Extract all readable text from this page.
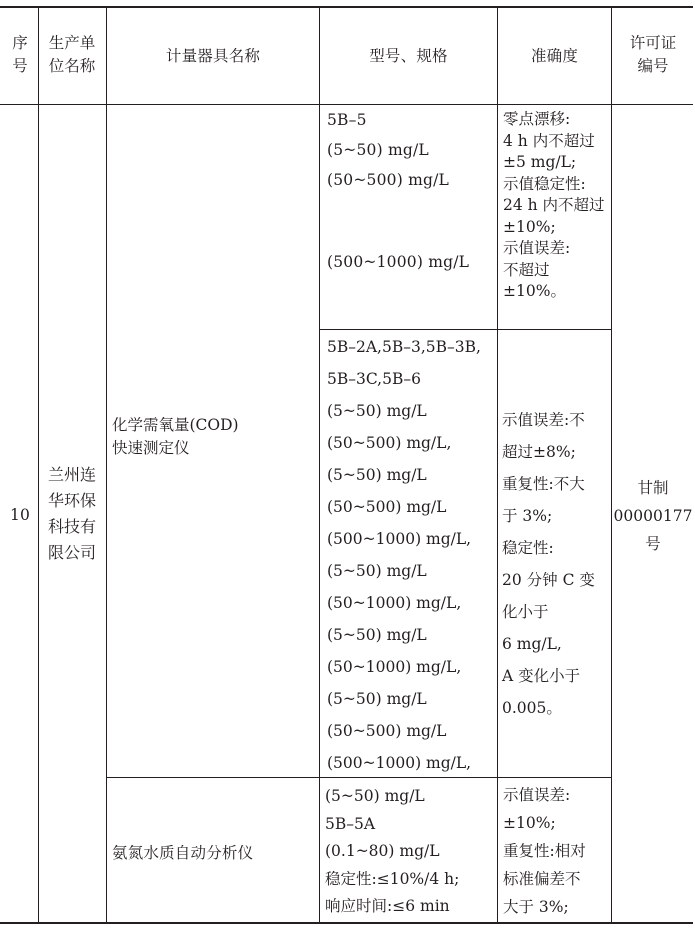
序
号
生产单
位名称
计量器具名称	型号、规格	准确度
许可证
编号
10
兰州连
华环保
科技有
限公司
甘制
00000177
号
化学需氧量(COD)
快速测定仪
5B–5
(5~50) mg/L
(50~500) mg/L
(500~1000) mg/L
零点漂移:
4 h 内不超过
±5 mg/L;
示值稳定性:
24 h 内不超过
±10%;
示值误差:
不超过
±10%。
5B–2A,5B–3,5B–3B,
5B–3C,5B–6
(5~50) mg/L
(50~500) mg/L,
(5~50) mg/L
(50~500) mg/L
(500~1000) mg/L,
(5~50) mg/L
(50~1000) mg/L,
(5~50) mg/L
(50~1000) mg/L,
(5~50) mg/L
(50~500) mg/L
(500~1000) mg/L,
示值误差:不
超过±8%;
重复性:不大
于 3%;
稳定性:
20 分钟 C 变
化小于
6 mg/L,
A 变化小于
0.005。
氨氮水质自动分析仪
(5~50) mg/L
5B–5A
(0.1~80) mg/L
稳定性:≤10%/4 h;
响应时间:≤6 min
示值误差:
±10%;
重复性:相对
标准偏差不
大于 3%;
